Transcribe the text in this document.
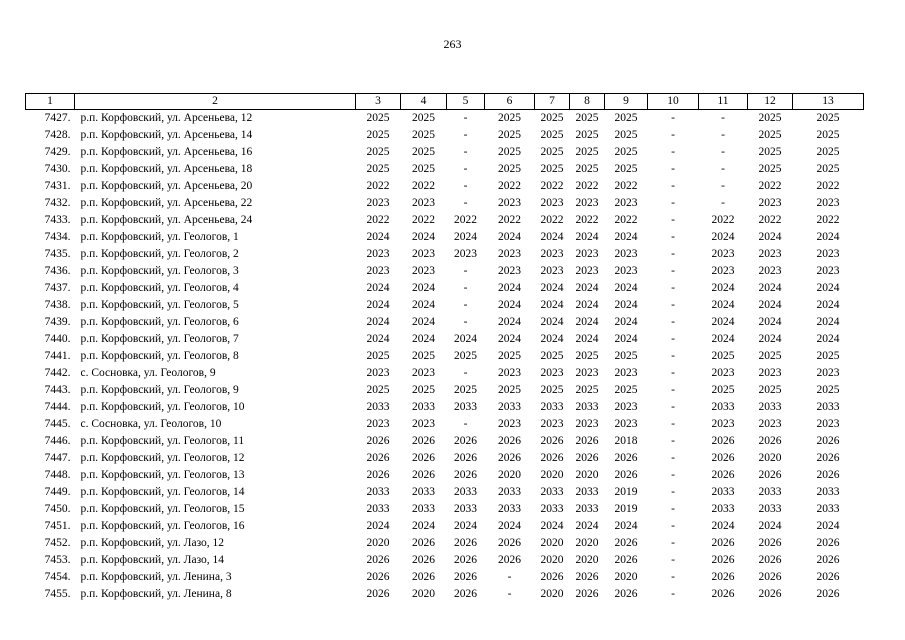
263
1	2	3	4	5	6	7	8	9	10	11	12	13
7427.	р.п. Корфовский, ул. Арсеньева, 12	2025	2025	-	2025	2025	2025	2025	-	-	2025	2025
7428.	р.п. Корфовский, ул. Арсеньева, 14	2025	2025	-	2025	2025	2025	2025	-	-	2025	2025
7429.	р.п. Корфовский, ул. Арсеньева, 16	2025	2025	-	2025	2025	2025	2025	-	-	2025	2025
7430.	р.п. Корфовский, ул. Арсеньева, 18	2025	2025	-	2025	2025	2025	2025	-	-	2025	2025
7431.	р.п. Корфовский, ул. Арсеньева, 20	2022	2022	-	2022	2022	2022	2022	-	-	2022	2022
7432.	р.п. Корфовский, ул. Арсеньева, 22	2023	2023	-	2023	2023	2023	2023	-	-	2023	2023
7433.	р.п. Корфовский, ул. Арсеньева, 24	2022	2022	2022	2022	2022	2022	2022	-	2022	2022	2022
7434.	р.п. Корфовский, ул. Геологов, 1	2024	2024	2024	2024	2024	2024	2024	-	2024	2024	2024
7435.	р.п. Корфовский, ул. Геологов, 2	2023	2023	2023	2023	2023	2023	2023	-	2023	2023	2023
7436.	р.п. Корфовский, ул. Геологов, 3	2023	2023	-	2023	2023	2023	2023	-	2023	2023	2023
7437.	р.п. Корфовский, ул. Геологов, 4	2024	2024	-	2024	2024	2024	2024	-	2024	2024	2024
7438.	р.п. Корфовский, ул. Геологов, 5	2024	2024	-	2024	2024	2024	2024	-	2024	2024	2024
7439.	р.п. Корфовский, ул. Геологов, 6	2024	2024	-	2024	2024	2024	2024	-	2024	2024	2024
7440.	р.п. Корфовский, ул. Геологов, 7	2024	2024	2024	2024	2024	2024	2024	-	2024	2024	2024
7441.	р.п. Корфовский, ул. Геологов, 8	2025	2025	2025	2025	2025	2025	2025	-	2025	2025	2025
7442.	с. Сосновка, ул. Геологов, 9	2023	2023	-	2023	2023	2023	2023	-	2023	2023	2023
7443.	р.п. Корфовский, ул. Геологов, 9	2025	2025	2025	2025	2025	2025	2025	-	2025	2025	2025
7444.	р.п. Корфовский, ул. Геологов, 10	2033	2033	2033	2033	2033	2033	2023	-	2033	2033	2033
7445.	с. Сосновка, ул. Геологов, 10	2023	2023	-	2023	2023	2023	2023	-	2023	2023	2023
7446.	р.п. Корфовский, ул. Геологов, 11	2026	2026	2026	2026	2026	2026	2018	-	2026	2026	2026
7447.	р.п. Корфовский, ул. Геологов, 12	2026	2026	2026	2026	2026	2026	2026	-	2026	2020	2026
7448.	р.п. Корфовский, ул. Геологов, 13	2026	2026	2026	2020	2020	2020	2026	-	2026	2026	2026
7449.	р.п. Корфовский, ул. Геологов, 14	2033	2033	2033	2033	2033	2033	2019	-	2033	2033	2033
7450.	р.п. Корфовский, ул. Геологов, 15	2033	2033	2033	2033	2033	2033	2019	-	2033	2033	2033
7451.	р.п. Корфовский, ул. Геологов, 16	2024	2024	2024	2024	2024	2024	2024	-	2024	2024	2024
7452.	р.п. Корфовский, ул. Лазо, 12	2020	2026	2026	2026	2020	2020	2026	-	2026	2026	2026
7453.	р.п. Корфовский, ул. Лазо, 14	2026	2026	2026	2026	2020	2020	2026	-	2026	2026	2026
7454.	р.п. Корфовский, ул. Ленина, 3	2026	2026	2026	-	2026	2026	2020	-	2026	2026	2026
7455.	р.п. Корфовский, ул. Ленина, 8	2026	2020	2026	-	2020	2026	2026	-	2026	2026	2026
